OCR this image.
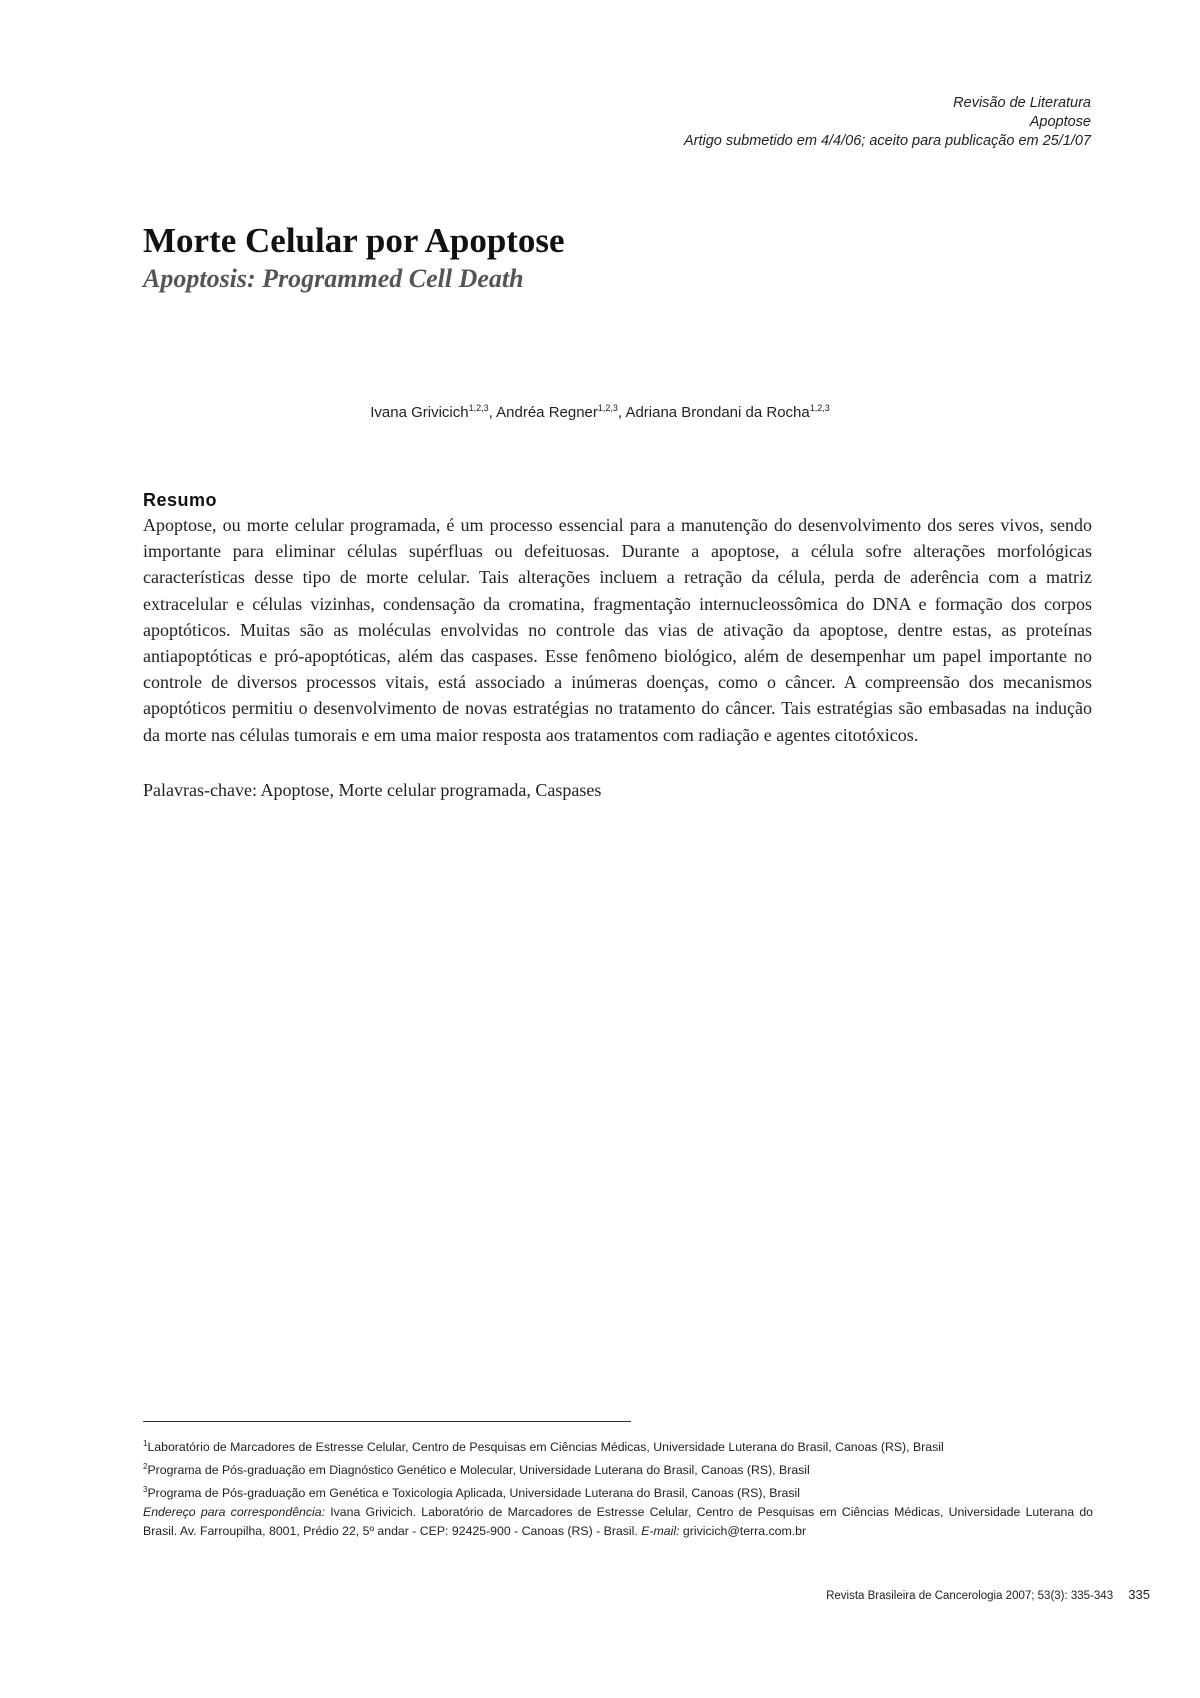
Revisão de Literatura
Apoptose
Artigo submetido em 4/4/06; aceito para publicação em 25/1/07
Morte Celular por Apoptose
Apoptosis: Programmed Cell Death
Ivana Grivicich$^{1,2,3}$, Andréa Regner$^{1,2,3}$, Adriana Brondani da Rocha$^{1,2,3}$
Resumo

Apoptose, ou morte celular programada, é um processo essencial para a manutenção do desenvolvimento dos seres vivos, sendo importante para eliminar células supérfluas ou defeituosas. Durante a apoptose, a célula sofre alterações morfológicas características desse tipo de morte celular. Tais alterações incluem a retração da célula, perda de aderência com a matriz extracelular e células vizinhas, condensação da cromatina, fragmentação internucleossômica do DNA e formação dos corpos apoptóticos. Muitas são as moléculas envolvidas no controle das vias de ativação da apoptose, dentre estas, as proteínas antiapoptóticas e pró-apoptóticas, além das caspases. Esse fenômeno biológico, além de desempenhar um papel importante no controle de diversos processos vitais, está associado a inúmeras doenças, como o câncer. A compreensão dos mecanismos apoptóticos permitiu o desenvolvimento de novas estratégias no tratamento do câncer. Tais estratégias são embasadas na indução da morte nas células tumorais e em uma maior resposta aos tratamentos com radiação e agentes citotóxicos.

Palavras-chave: Apoptose, Morte celular programada, Caspases

$^1$Laboratório de Marcadores de Estresse Celular, Centro de Pesquisas em Ciências Médicas, Universidade Luterana do Brasil, Canoas (RS), Brasil
$^2$Programa de Pós-graduação em Diagnóstico Genético e Molecular, Universidade Luterana do Brasil, Canoas (RS), Brasil
$^3$Programa de Pós-graduação em Genética e Toxicologia Aplicada, Universidade Luterana do Brasil, Canoas (RS), Brasil
Endereço para correspondência: Ivana Grivicich. Laboratório de Marcadores de Estresse Celular, Centro de Pesquisas em Ciências Médicas, Universidade Luterana do Brasil. Av. Farroupilha, 8001, Prédio 22, 5º andar - CEP: 92425-900 - Canoas (RS) - Brasil. E-mail: grivicich@terra.com.br
Revista Brasileira de Cancerologia 2007; 53(3): 335-343 335
